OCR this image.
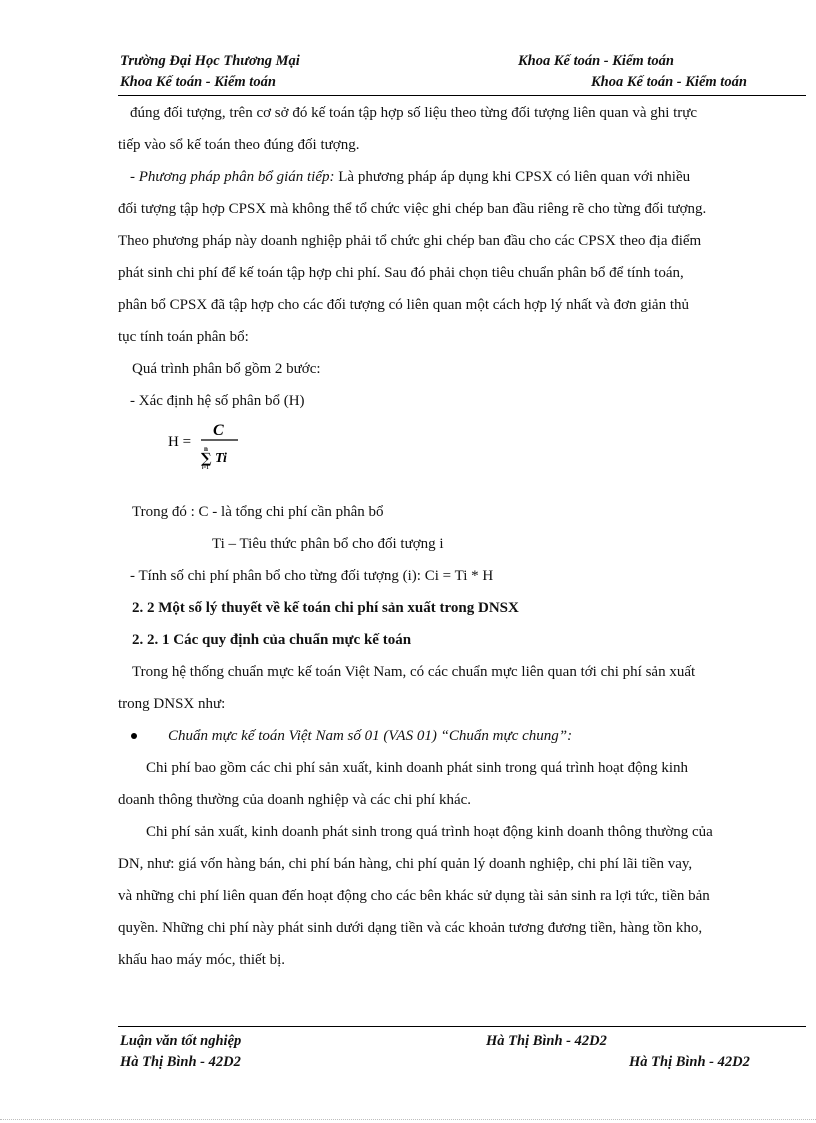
Trường Đại Học Thương Mại	Khoa Kế toán - Kiểm toán
Khoa Kế toán - Kiểm toán	Khoa Kế toán - Kiểm toán
đúng đối tượng, trên cơ sở đó kế toán tập hợp số liệu theo từng đối tượng liên quan và ghi trực
tiếp vào sổ kế toán theo đúng đối tượng.
- Phương pháp phân bổ gián tiếp: Là phương pháp áp dụng khi CPSX có liên quan với nhiều
đối tượng tập hợp CPSX mà không thể tổ chức việc ghi chép ban đầu riêng rẽ cho từng đối tượng.
Theo phương pháp này doanh nghiệp phải tổ chức ghi chép ban đầu cho các CPSX theo địa điểm
phát sinh chi phí để kế toán tập hợp chi phí. Sau đó phải chọn tiêu chuẩn phân bổ để tính toán,
phân bổ CPSX đã tập hợp cho các đối tượng có liên quan một cách hợp lý nhất và đơn giản thủ
tục tính toán phân bổ:
Quá trình phân bổ gồm 2 bước:
- Xác định hệ số phân bổ (H)
H =
C
n
∑
i=1
Ti
Trong đó : C - là tổng chi phí cần phân bổ
Ti – Tiêu thức phân bổ cho đối tượng i
- Tính số chi phí phân bổ cho từng đối tượng (i): Ci = Ti * H
2. 2 Một số lý thuyết về kế toán chi phí sản xuất trong DNSX
2. 2. 1 Các quy định của chuẩn mực kế toán
Trong hệ thống chuẩn mực kế toán Việt Nam, có các chuẩn mực liên quan tới chi phí sản xuất
trong DNSX như:
Chuẩn mực kế toán Việt Nam số 01 (VAS 01) “Chuẩn mực chung”:
Chi phí bao gồm các chi phí sản xuất, kinh doanh phát sinh trong quá trình hoạt động kinh
doanh thông thường của doanh nghiệp và các chi phí khác.
Chi phí sản xuất, kinh doanh phát sinh trong quá trình hoạt động kinh doanh thông thường của
DN, như: giá vốn hàng bán, chi phí bán hàng, chi phí quản lý doanh nghiệp, chi phí lãi tiền vay,
và những chi phí liên quan đến hoạt động cho các bên khác sử dụng tài sản sinh ra lợi tức, tiền bản
quyền. Những chi phí này phát sinh dưới dạng tiền và các khoản tương đương tiền, hàng tồn kho,
khấu hao máy móc, thiết bị.
Luận văn tốt nghiệp	Hà Thị Bình - 42D2
Hà Thị Bình - 42D2	Hà Thị Bình - 42D2
